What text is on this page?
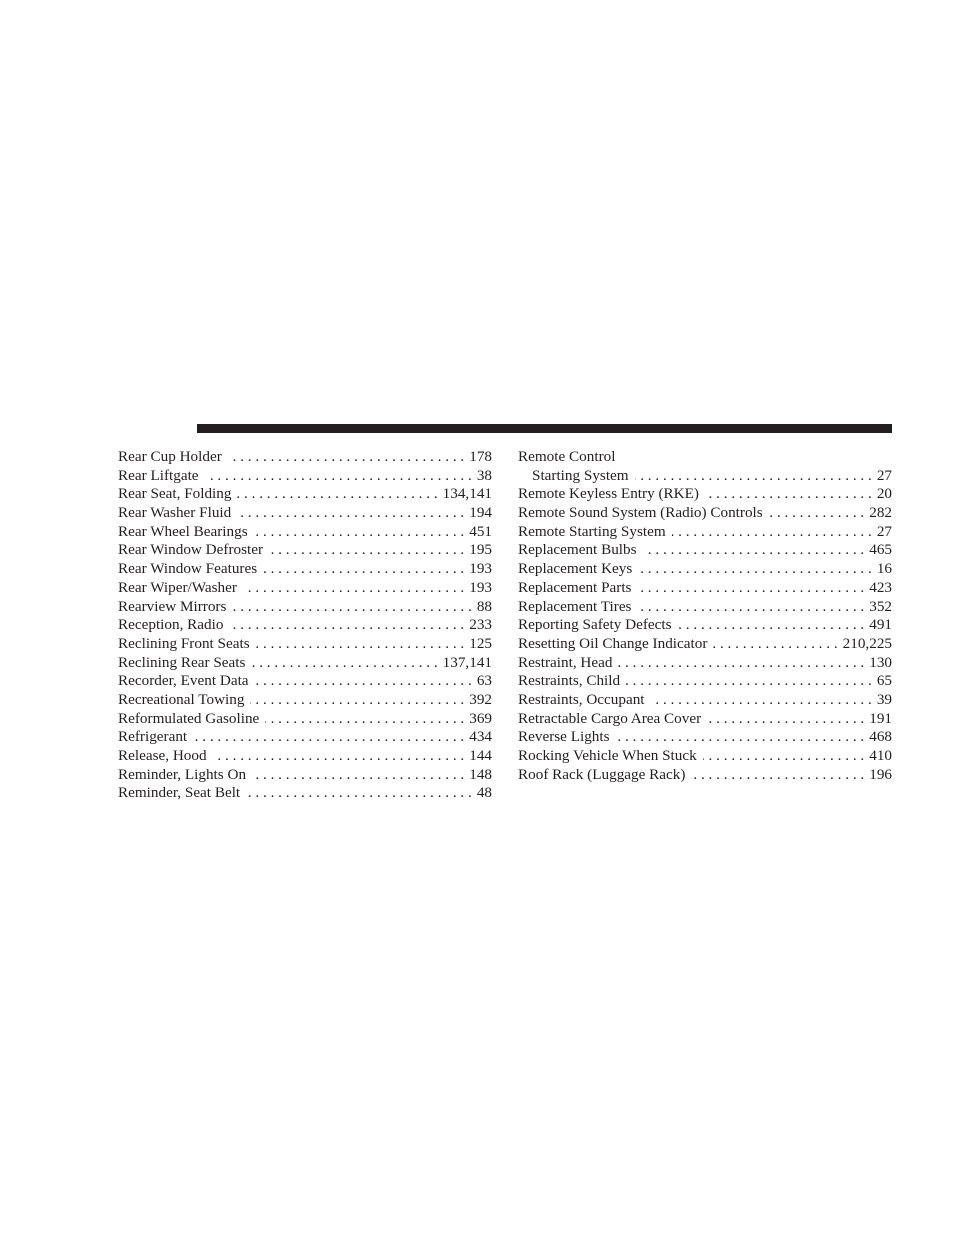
Rear Cup Holder . . .	178
Rear Liftgate . . .	38
Rear Seat, Folding . . .	134,141
Rear Washer Fluid . . .	194
Rear Wheel Bearings . . .	451
Rear Window Defroster . . .	195
Rear Window Features . . .	193
Rear Wiper/Washer . . .	193
Rearview Mirrors . . .	88
Reception, Radio . . .	233
Reclining Front Seats . . .	125
Reclining Rear Seats . . .	137,141
Recorder, Event Data . . .	63
Recreational Towing . . .	392
Reformulated Gasoline . . .	369
Refrigerant . . .	434
Release, Hood . . .	144
Reminder, Lights On . . .	148
Reminder, Seat Belt . . .	48
Remote Control
Starting System . . .	27
Remote Keyless Entry (RKE) . . .	20
Remote Sound System (Radio) Controls . . .	282
Remote Starting System . . .	27
Replacement Bulbs . . .	465
Replacement Keys . . .	16
Replacement Parts . . .	423
Replacement Tires . . .	352
Reporting Safety Defects . . .	491
Resetting Oil Change Indicator . . .	210,225
Restraint, Head . . .	130
Restraints, Child . . .	65
Restraints, Occupant . . .	39
Retractable Cargo Area Cover . . .	191
Reverse Lights . . .	468
Rocking Vehicle When Stuck . . .	410
Roof Rack (Luggage Rack) . . .	196
